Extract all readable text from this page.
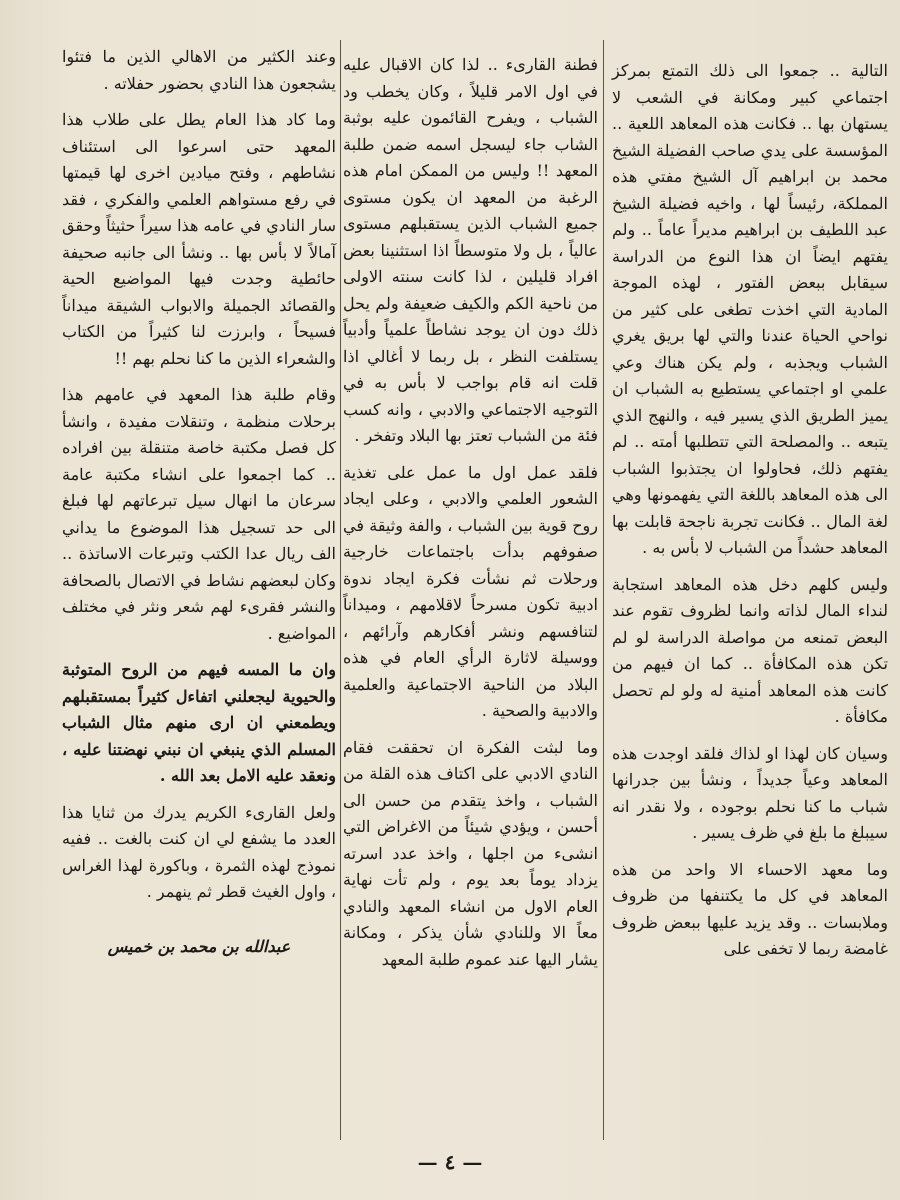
التالية .. جمعوا الى ذلك التمتع بمركز اجتماعي كبير ومكانة في الشعب لا يستهان بها .. فكانت هذه المعاهد اللعية .. المؤسسة على يدي صاحب الفضيلة الشيخ محمد بن ابراهيم آل الشيخ مفتي هذه المملكة، رئيساً لها ، واخيه فضيلة الشيخ عبد اللطيف بن ابراهيم مديراً عاماً .. ولم يفتهم ايضاً ان هذا النوع من الدراسة سيقابل ببعض الفتور ، لهذه الموجة المادية التي اخذت تطغى على كثير من نواحي الحياة عندنا والتي لها بريق يغري الشباب ويجذبه ، ولم يكن هناك وعي علمي او اجتماعي يستطيع به الشباب ان يميز الطريق الذي يسير فيه ، والنهج الذي يتبعه .. والمصلحة التي تتطلبها أمته .. لم يفتهم ذلك، فحاولوا ان يجتذبوا الشباب الى هذه المعاهد باللغة التي يفهمونها وهي لغة المال .. فكانت تجربة ناجحة قابلت بها المعاهد حشداً من الشباب لا بأس به .

وليس كلهم دخل هذه المعاهد استجابة لنداء المال لذاته وانما لظروف تقوم عند البعض تمنعه من مواصلة الدراسة لو لم تكن هذه المكافأة .. كما ان فيهم من كانت هذه المعاهد أمنية له ولو لم تحصل مكافأة .

وسيان كان لهذا او لذاك فلقد اوجدت هذه المعاهد وعياً جديداً ، ونشأ بين جدرانها شباب ما كنا نحلم بوجوده ، ولا نقدر انه سيبلغ ما بلغ في ظرف يسير .

وما معهد الاحساء الا واحد من هذه المعاهد في كل ما يكتنفها من ظروف وملابسات .. وقد يزيد عليها ببعض ظروف غامضة ربما لا تخفى على

فطنة القارىء .. لذا كان الاقبال عليه في اول الامر قليلاً ، وكان يخطب ود الشباب ، ويفرح القائمون عليه بوثبة الشاب جاء ليسجل اسمه ضمن طلبة المعهد !! وليس من الممكن امام هذه الرغبة من المعهد ان يكون مستوى جميع الشباب الذين يستقبلهم مستوى عالياً ، بل ولا متوسطاً اذا استثنينا بعض افراد قليلين ، لذا كانت سنته الاولى من ناحية الكم والكيف ضعيفة ولم يحل ذلك دون ان يوجد نشاطاً علمياً وأدبياً يستلفت النظر ، بل ربما لا أغالي اذا قلت انه قام بواجب لا بأس به في التوجيه الاجتماعي والادبي ، وانه كسب فئة من الشباب تعتز بها البلاد وتفخر .

فلقد عمل اول ما عمل على تغذية الشعور العلمي والادبي ، وعلى ايجاد روح قوية بين الشباب ، والفة وثيقة في صفوفهم بدأت باجتماعات خارجية ورحلات ثم نشأت فكرة ايجاد ندوة ادبية تكون مسرحاً لاقلامهم ، وميداناً لتنافسهم ونشر أفكارهم وآرائهم ، ووسيلة لاثارة الرأي العام في هذه البلاد من الناحية الاجتماعية والعلمية والادبية والصحية .

وما لبثت الفكرة ان تحققت فقام النادي الادبي على اكتاف هذه القلة من الشباب ، واخذ يتقدم من حسن الى أحسن ، ويؤدي شيئاً من الاغراض التي انشىء من اجلها ، واخذ عدد اسرته يزداد يوماً بعد يوم ، ولم تأت نهاية العام الاول من انشاء المعهد والنادي معاً الا وللنادي شأن يذكر ، ومكانة يشار اليها عند عموم طلبة المعهد

وعند الكثير من الاهالي الذين ما فتئوا يشجعون هذا النادي بحضور حفلاته .

وما كاد هذا العام يطل على طلاب هذا المعهد حتى اسرعوا الى استئناف نشاطهم ، وفتح ميادين اخرى لها قيمتها في رفع مستواهم العلمي والفكري ، فقد سار النادي في عامه هذا سيراً حثيثاً وحقق آمالاً لا بأس بها .. ونشأ الى جانبه صحيفة حائطية وجدت فيها المواضيع الحية والقصائد الجميلة والابواب الشيقة ميداناً فسيحاً ، وابرزت لنا كثيراً من الكتاب والشعراء الذين ما كنا نحلم بهم !!

وقام طلبة هذا المعهد في عامهم هذا برحلات منظمة ، وتنقلات مفيدة ، وانشأ كل فصل مكتبة خاصة متنقلة بين افراده .. كما اجمعوا على انشاء مكتبة عامة سرعان ما انهال سيل تبرعاتهم لها فبلغ الى حد تسجيل هذا الموضوع ما يداني الف ريال عدا الكتب وتبرعات الاساتذة .. وكان لبعضهم نشاط في الاتصال بالصحافة والنشر فقرىء لهم شعر ونثر في مختلف المواضيع .

وان ما المسه فيهم من الروح المتوثبة والحيوية ليجعلني اتفاءل كثيراً بمستقبلهم ويطمعني ان ارى منهم مثال الشباب المسلم الذي ينبغي ان نبني نهضتنا عليه ، ونعقد عليه الامل بعد الله .

ولعل القارىء الكريم يدرك من ثنايا هذا العدد ما يشفع لي ان كنت بالغت .. ففيه نموذج لهذه الثمرة ، وباكورة لهذا الغراس ، واول الغيث قطر ثم ينهمر .

عبدالله بن محمد بن خميس
— ٤ —
